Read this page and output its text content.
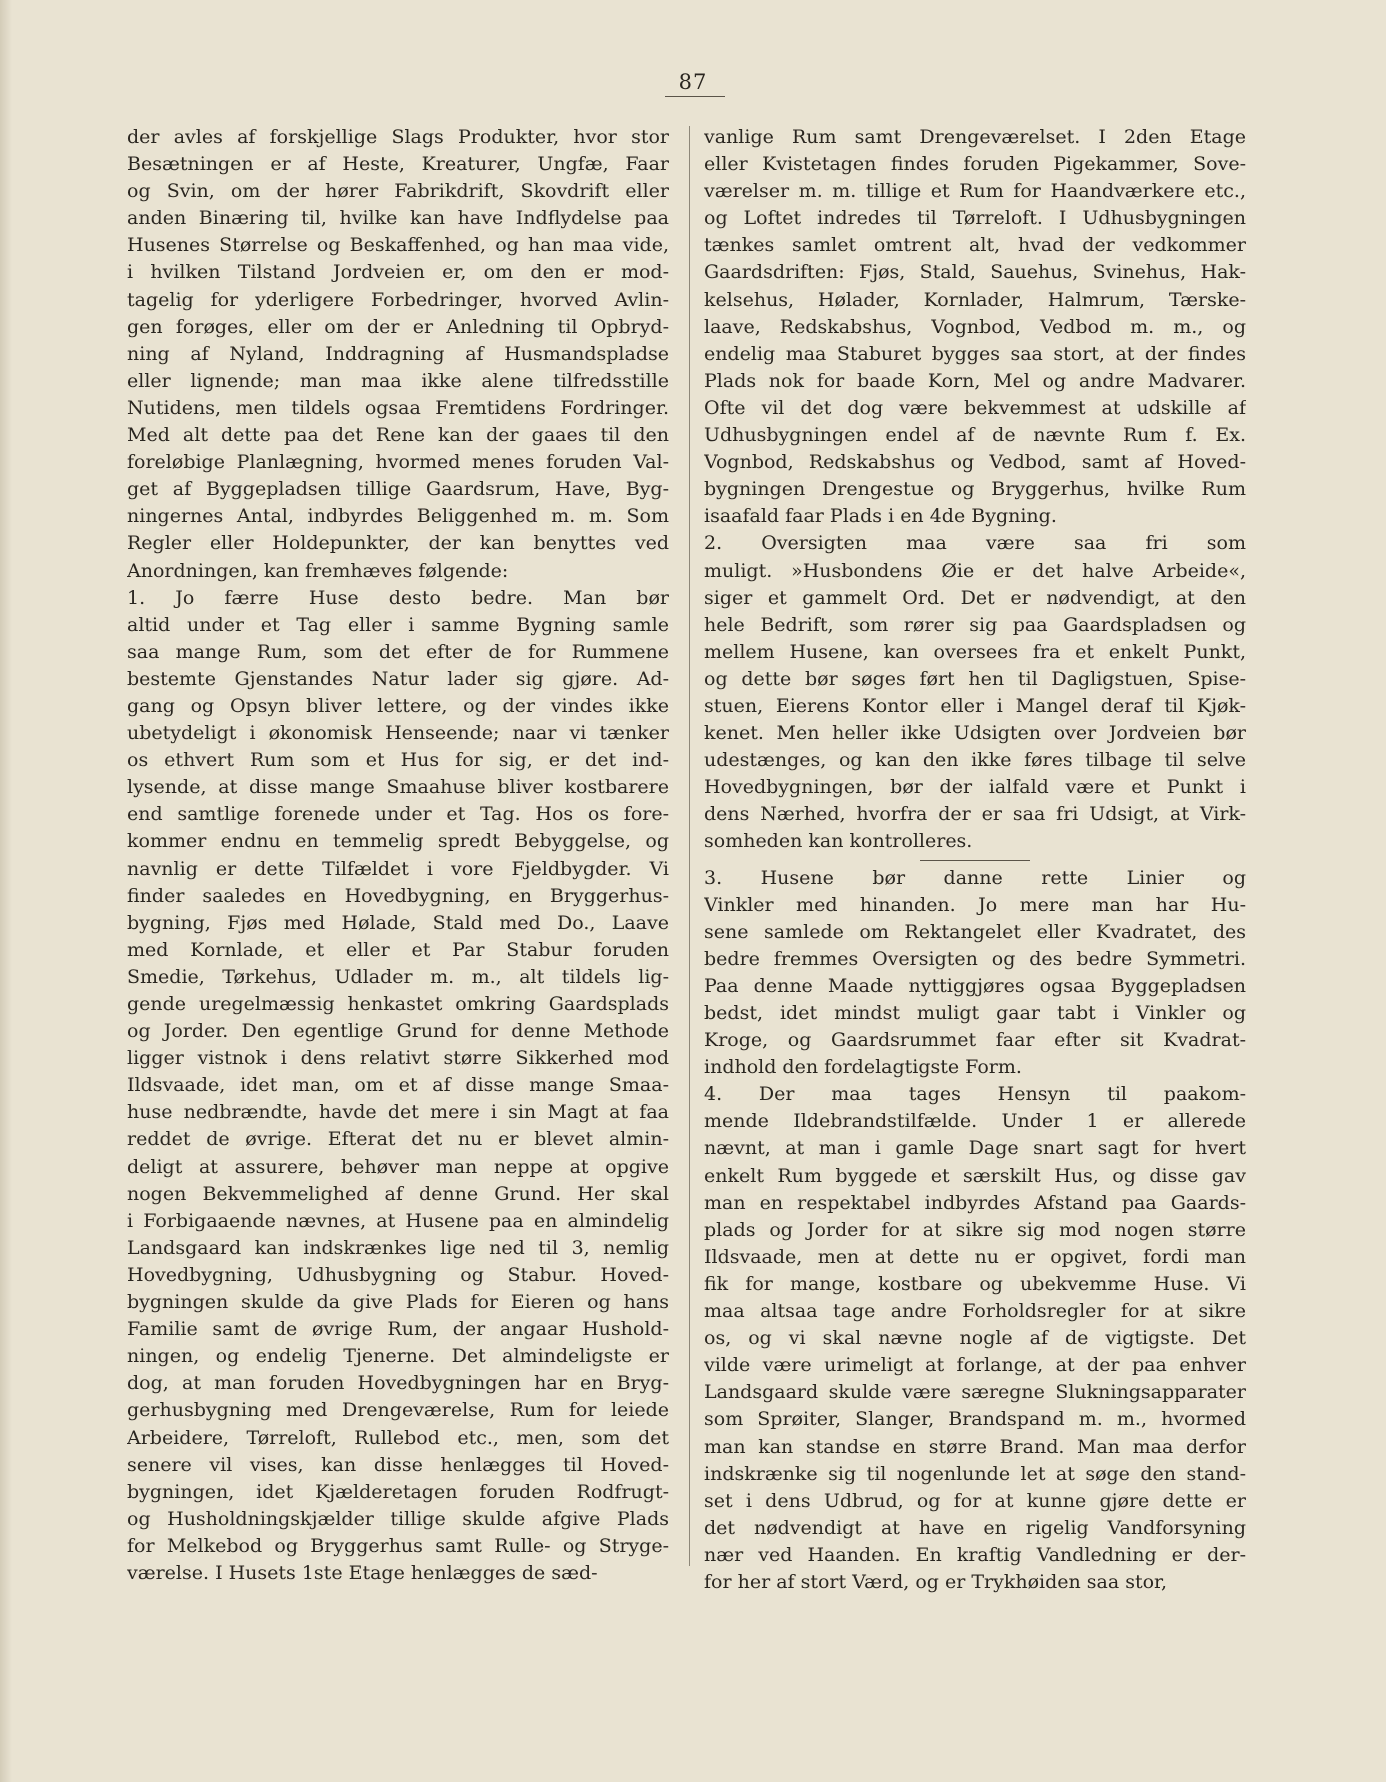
87
der avles af forskjellige Slags Produkter, hvor stor
Besætningen er af Heste, Kreaturer, Ungfæ, Faar
og Svin, om der hører Fabrikdrift, Skovdrift eller
anden Binæring til, hvilke kan have Indflydelse paa
Husenes Størrelse og Beskaffenhed, og han maa vide,
i hvilken Tilstand Jordveien er, om den er mod-
tagelig for yderligere Forbedringer, hvorved Avlin-
gen forøges, eller om der er Anledning til Opbryd-
ning af Nyland, Inddragning af Husmandspladse
eller lignende; man maa ikke alene tilfredsstille
Nutidens, men tildels ogsaa Fremtidens Fordringer.
Med alt dette paa det Rene kan der gaaes til den
foreløbige Planlægning, hvormed menes foruden Val-
get af Byggepladsen tillige Gaardsrum, Have, Byg-
ningernes Antal, indbyrdes Beliggenhed m. m. Som
Regler eller Holdepunkter, der kan benyttes ved
Anordningen, kan fremhæves følgende:
1. Jo færre Huse desto bedre. Man bør
altid under et Tag eller i samme Bygning samle
saa mange Rum, som det efter de for Rummene
bestemte Gjenstandes Natur lader sig gjøre. Ad-
gang og Opsyn bliver lettere, og der vindes ikke
ubetydeligt i økonomisk Henseende; naar vi tænker
os ethvert Rum som et Hus for sig, er det ind-
lysende, at disse mange Smaahuse bliver kostbarere
end samtlige forenede under et Tag. Hos os fore-
kommer endnu en temmelig spredt Bebyggelse, og
navnlig er dette Tilfældet i vore Fjeldbygder. Vi
finder saaledes en Hovedbygning, en Bryggerhus-
bygning, Fjøs med Hølade, Stald med Do., Laave
med Kornlade, et eller et Par Stabur foruden
Smedie, Tørkehus, Udlader m. m., alt tildels lig-
gende uregelmæssig henkastet omkring Gaardsplads
og Jorder. Den egentlige Grund for denne Methode
ligger vistnok i dens relativt større Sikkerhed mod
Ildsvaade, idet man, om et af disse mange Smaa-
huse nedbrændte, havde det mere i sin Magt at faa
reddet de øvrige. Efterat det nu er blevet almin-
deligt at assurere, behøver man neppe at opgive
nogen Bekvemmelighed af denne Grund. Her skal
i Forbigaaende nævnes, at Husene paa en almindelig
Landsgaard kan indskrænkes lige ned til 3, nemlig
Hovedbygning, Udhusbygning og Stabur. Hoved-
bygningen skulde da give Plads for Eieren og hans
Familie samt de øvrige Rum, der angaar Hushold-
ningen, og endelig Tjenerne. Det almindeligste er
dog, at man foruden Hovedbygningen har en Bryg-
gerhusbygning med Drengeværelse, Rum for leiede
Arbeidere, Tørreloft, Rullebod etc., men, som det
senere vil vises, kan disse henlægges til Hoved-
bygningen, idet Kjælderetagen foruden Rodfrugt-
og Husholdningskjælder tillige skulde afgive Plads
for Melkebod og Bryggerhus samt Rulle- og Stryge-
værelse. I Husets 1ste Etage henlægges de sæd-
vanlige Rum samt Drengeværelset. I 2den Etage
eller Kvistetagen findes foruden Pigekammer, Sove-
værelser m. m. tillige et Rum for Haandværkere etc.,
og Loftet indredes til Tørreloft. I Udhusbygningen
tænkes samlet omtrent alt, hvad der vedkommer
Gaardsdriften: Fjøs, Stald, Sauehus, Svinehus, Hak-
kelsehus, Hølader, Kornlader, Halmrum, Tærske-
laave, Redskabshus, Vognbod, Vedbod m. m., og
endelig maa Staburet bygges saa stort, at der findes
Plads nok for baade Korn, Mel og andre Madvarer.
Ofte vil det dog være bekvemmest at udskille af
Udhusbygningen endel af de nævnte Rum f. Ex.
Vognbod, Redskabshus og Vedbod, samt af Hoved-
bygningen Drengestue og Bryggerhus, hvilke Rum
isaafald faar Plads i en 4de Bygning.
2. Oversigten maa være saa fri som
muligt. »Husbondens Øie er det halve Arbeide«,
siger et gammelt Ord. Det er nødvendigt, at den
hele Bedrift, som rører sig paa Gaardspladsen og
mellem Husene, kan oversees fra et enkelt Punkt,
og dette bør søges ført hen til Dagligstuen, Spise-
stuen, Eierens Kontor eller i Mangel deraf til Kjøk-
kenet. Men heller ikke Udsigten over Jordveien bør
udestænges, og kan den ikke føres tilbage til selve
Hovedbygningen, bør der ialfald være et Punkt i
dens Nærhed, hvorfra der er saa fri Udsigt, at Virk-
somheden kan kontrolleres.
3. Husene bør danne rette Linier og
Vinkler med hinanden. Jo mere man har Hu-
sene samlede om Rektangelet eller Kvadratet, des
bedre fremmes Oversigten og des bedre Symmetri.
Paa denne Maade nyttiggjøres ogsaa Byggepladsen
bedst, idet mindst muligt gaar tabt i Vinkler og
Kroge, og Gaardsrummet faar efter sit Kvadrat-
indhold den fordelagtigste Form.
4. Der maa tages Hensyn til paakom-
mende Ildebrandstilfælde. Under 1 er allerede
nævnt, at man i gamle Dage snart sagt for hvert
enkelt Rum byggede et særskilt Hus, og disse gav
man en respektabel indbyrdes Afstand paa Gaards-
plads og Jorder for at sikre sig mod nogen større
Ildsvaade, men at dette nu er opgivet, fordi man
fik for mange, kostbare og ubekvemme Huse. Vi
maa altsaa tage andre Forholdsregler for at sikre
os, og vi skal nævne nogle af de vigtigste. Det
vilde være urimeligt at forlange, at der paa enhver
Landsgaard skulde være særegne Slukningsapparater
som Sprøiter, Slanger, Brandspand m. m., hvormed
man kan standse en større Brand. Man maa derfor
indskrænke sig til nogenlunde let at søge den stand-
set i dens Udbrud, og for at kunne gjøre dette er
det nødvendigt at have en rigelig Vandforsyning
nær ved Haanden. En kraftig Vandledning er der-
for her af stort Værd, og er Trykhøiden saa stor,
